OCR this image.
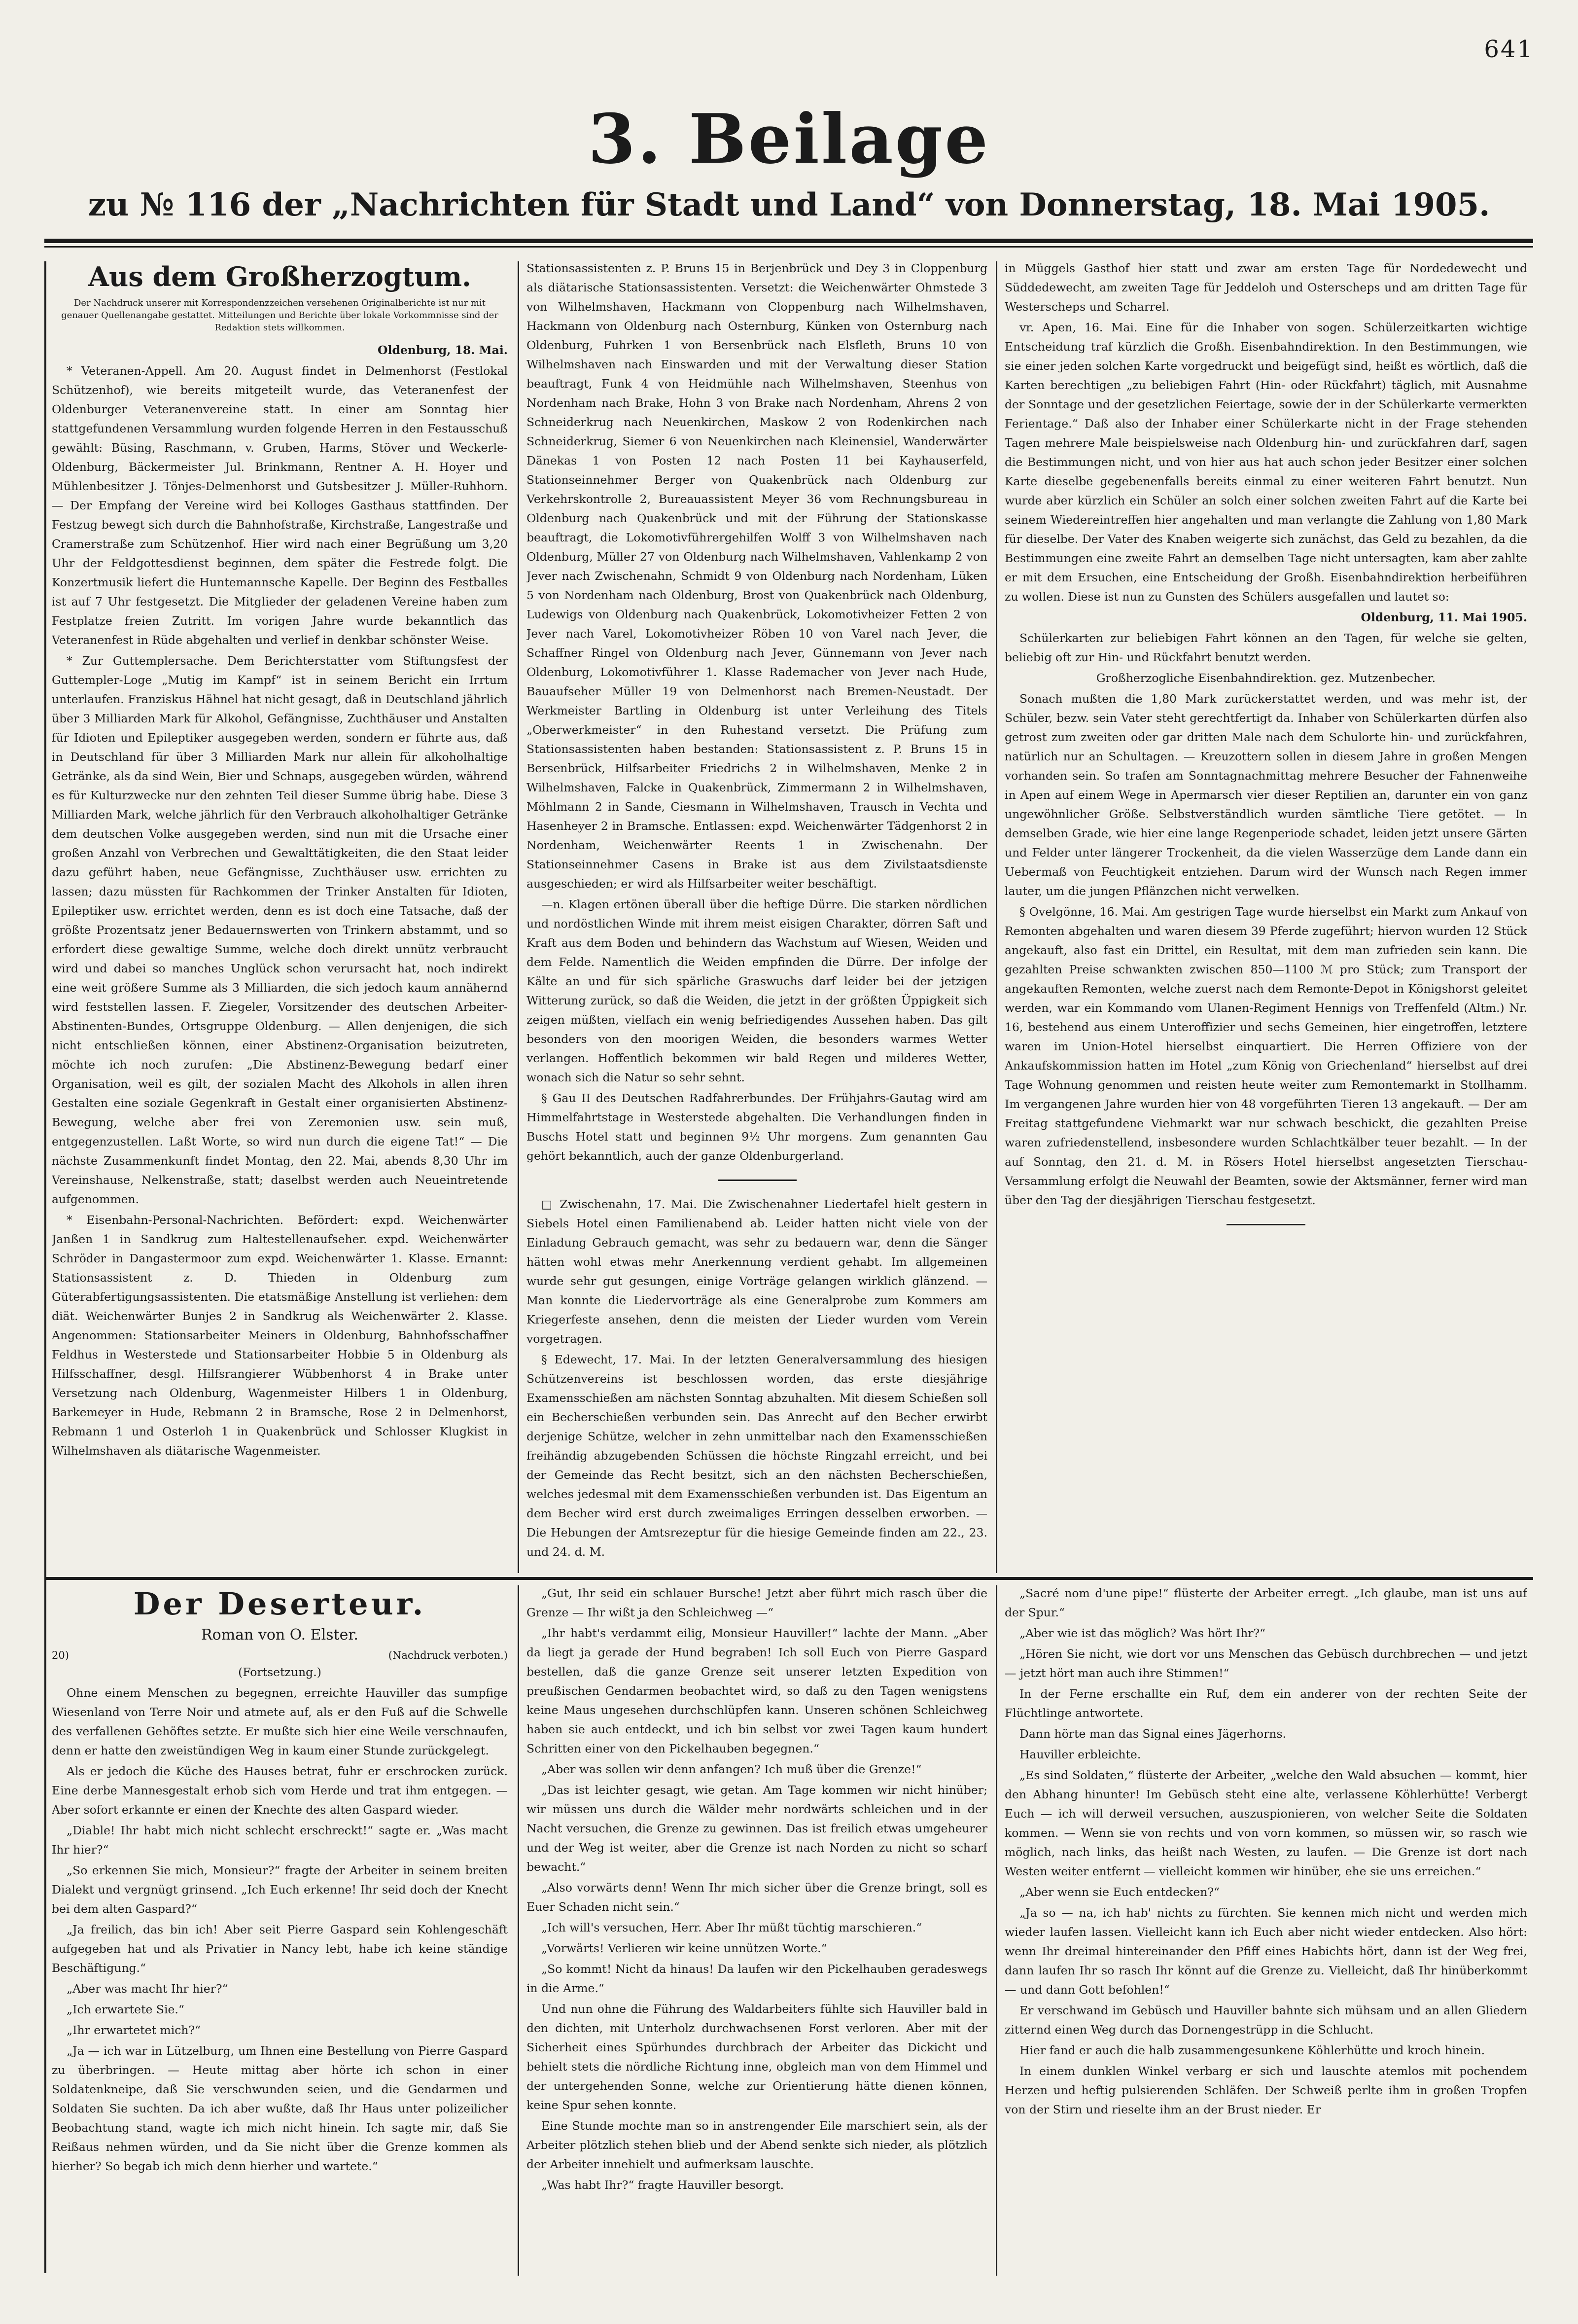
641
3. Beilage
zu № 116 der „Nachrichten für Stadt und Land“ von Donnerstag, 18. Mai 1905.
Aus dem Großherzogtum.
Der Nachdruck unserer mit Korrespondenzzeichen versehenen Originalberichte ist nur mit genauer Quellenangabe gestattet. Mitteilungen und Berichte über lokale Vorkommnisse sind der Redaktion stets willkommen.

Oldenburg, 18. Mai.

* Veteranen-Appell. Am 20. August findet in Delmenhorst (Festlokal Schützenhof), wie bereits mitgeteilt wurde, das Veteranenfest der Oldenburger Veteranenvereine statt. In einer am Sonntag hier stattgefundenen Versammlung wurden folgende Herren in den Festausschuß gewählt: Büsing, Raschmann, v. Gruben, Harms, Stöver und Weckerle-Oldenburg, Bäckermeister Jul. Brinkmann, Rentner A. H. Hoyer und Mühlenbesitzer J. Tönjes-Delmenhorst und Gutsbesitzer J. Müller-Ruhhorn. — Der Empfang der Vereine wird bei Kolloges Gasthaus stattfinden. Der Festzug bewegt sich durch die Bahnhofstraße, Kirchstraße, Langestraße und Cramerstraße zum Schützenhof. Hier wird nach einer Begrüßung um 3,20 Uhr der Feldgottesdienst beginnen, dem später die Festrede folgt. Die Konzertmusik liefert die Huntemannsche Kapelle. Der Beginn des Festballes ist auf 7 Uhr festgesetzt. Die Mitglieder der geladenen Vereine haben zum Festplatze freien Zutritt. Im vorigen Jahre wurde bekanntlich das Veteranenfest in Rüde abgehalten und verlief in denkbar schönster Weise.

* Zur Guttemplersache. Dem Berichterstatter vom Stiftungsfest der Guttempler-Loge „Mutig im Kampf“ ist in seinem Bericht ein Irrtum unterlaufen. Franziskus Hähnel hat nicht gesagt, daß in Deutschland jährlich über 3 Milliarden Mark für Alkohol, Gefängnisse, Zuchthäuser und Anstalten für Idioten und Epileptiker ausgegeben werden, sondern er führte aus, daß in Deutschland für über 3 Milliarden Mark nur allein für alkoholhaltige Getränke, als da sind Wein, Bier und Schnaps, ausgegeben würden, während es für Kulturzwecke nur den zehnten Teil dieser Summe übrig habe. Diese 3 Milliarden Mark, welche jährlich für den Verbrauch alkoholhaltiger Getränke dem deutschen Volke ausgegeben werden, sind nun mit die Ursache einer großen Anzahl von Verbrechen und Gewalttätigkeiten, die den Staat leider dazu geführt haben, neue Gefängnisse, Zuchthäuser usw. errichten zu lassen; dazu müssten für Rachkommen der Trinker Anstalten für Idioten, Epileptiker usw. errichtet werden, denn es ist doch eine Tatsache, daß der größte Prozentsatz jener Bedauernswerten von Trinkern abstammt, und so erfordert diese gewaltige Summe, welche doch direkt unnütz verbraucht wird und dabei so manches Unglück schon verursacht hat, noch indirekt eine weit größere Summe als 3 Milliarden, die sich jedoch kaum annähernd wird feststellen lassen. F. Ziegeler, Vorsitzender des deutschen Arbeiter-Abstinenten-Bundes, Ortsgruppe Oldenburg. — Allen denjenigen, die sich nicht entschließen können, einer Abstinenz-Organisation beizutreten, möchte ich noch zurufen: „Die Abstinenz-Bewegung bedarf einer Organisation, weil es gilt, der sozialen Macht des Alkohols in allen ihren Gestalten eine soziale Gegenkraft in Gestalt einer organisierten Abstinenz-Bewegung, welche aber frei von Zeremonien usw. sein muß, entgegenzustellen. Laßt Worte, so wird nun durch die eigene Tat!“ — Die nächste Zusammenkunft findet Montag, den 22. Mai, abends 8,30 Uhr im Vereinshause, Nelkenstraße, statt; daselbst werden auch Neueintretende aufgenommen.

* Eisenbahn-Personal-Nachrichten. Befördert: expd. Weichenwärter Janßen 1 in Sandkrug zum Haltestellenaufseher. expd. Weichenwärter Schröder in Dangastermoor zum expd. Weichenwärter 1. Klasse. Ernannt: Stationsassistent z. D. Thieden in Oldenburg zum Güterabfertigungsassistenten. Die etatsmäßige Anstellung ist verliehen: dem diät. Weichenwärter Bunjes 2 in Sandkrug als Weichenwärter 2. Klasse. Angenommen: Stationsarbeiter Meiners in Oldenburg, Bahnhofsschaffner Feldhus in Westerstede und Stationsarbeiter Hobbie 5 in Oldenburg als Hilfsschaffner, desgl. Hilfsrangierer Wübbenhorst 4 in Brake unter Versetzung nach Oldenburg, Wagenmeister Hilbers 1 in Oldenburg, Barkemeyer in Hude, Rebmann 2 in Bramsche, Rose 2 in Delmenhorst, Rebmann 1 und Osterloh 1 in Quakenbrück und Schlosser Klugkist in Wilhelmshaven als diätarische Wagenmeister.

Stationsassistenten z. P. Bruns 15 in Berjenbrück und Dey 3 in Cloppenburg als diätarische Stationsassistenten. Versetzt: die Weichenwärter Ohmstede 3 von Wilhelmshaven, Hackmann von Cloppenburg nach Wilhelmshaven, Hackmann von Oldenburg nach Osternburg, Künken von Osternburg nach Oldenburg, Fuhrken 1 von Bersenbrück nach Elsfleth, Bruns 10 von Wilhelmshaven nach Einswarden und mit der Verwaltung dieser Station beauftragt, Funk 4 von Heidmühle nach Wilhelmshaven, Steenhus von Nordenham nach Brake, Hohn 3 von Brake nach Nordenham, Ahrens 2 von Schneiderkrug nach Neuenkirchen, Maskow 2 von Rodenkirchen nach Schneiderkrug, Siemer 6 von Neuenkirchen nach Kleinensiel, Wanderwärter Dänekas 1 von Posten 12 nach Posten 11 bei Kayhauserfeld, Stationseinnehmer Berger von Quakenbrück nach Oldenburg zur Verkehrskontrolle 2, Bureauassistent Meyer 36 vom Rechnungsbureau in Oldenburg nach Quakenbrück und mit der Führung der Stationskasse beauftragt, die Lokomotivführergehilfen Wolff 3 von Wilhelmshaven nach Oldenburg, Müller 27 von Oldenburg nach Wilhelmshaven, Vahlenkamp 2 von Jever nach Zwischenahn, Schmidt 9 von Oldenburg nach Nordenham, Lüken 5 von Nordenham nach Oldenburg, Brost von Quakenbrück nach Oldenburg, Ludewigs von Oldenburg nach Quakenbrück, Lokomotivheizer Fetten 2 von Jever nach Varel, Lokomotivheizer Röben 10 von Varel nach Jever, die Schaffner Ringel von Oldenburg nach Jever, Günnemann von Jever nach Oldenburg, Lokomotivführer 1. Klasse Rademacher von Jever nach Hude, Bauaufseher Müller 19 von Delmenhorst nach Bremen-Neustadt. Der Werkmeister Bartling in Oldenburg ist unter Verleihung des Titels „Oberwerkmeister“ in den Ruhestand versetzt. Die Prüfung zum Stationsassistenten haben bestanden: Stationsassistent z. P. Bruns 15 in Bersenbrück, Hilfsarbeiter Friedrichs 2 in Wilhelmshaven, Menke 2 in Wilhelmshaven, Falcke in Quakenbrück, Zimmermann 2 in Wilhelmshaven, Möhlmann 2 in Sande, Ciesmann in Wilhelmshaven, Trausch in Vechta und Hasenheyer 2 in Bramsche. Entlassen: expd. Weichenwärter Tädgenhorst 2 in Nordenham, Weichenwärter Reents 1 in Zwischenahn. Der Stationseinnehmer Casens in Brake ist aus dem Zivilstaatsdienste ausgeschieden; er wird als Hilfsarbeiter weiter beschäftigt.

—n. Klagen ertönen überall über die heftige Dürre. Die starken nördlichen und nordöstlichen Winde mit ihrem meist eisigen Charakter, dörren Saft und Kraft aus dem Boden und behindern das Wachstum auf Wiesen, Weiden und dem Felde. Namentlich die Weiden empfinden die Dürre. Der infolge der Kälte an und für sich spärliche Graswuchs darf leider bei der jetzigen Witterung zurück, so daß die Weiden, die jetzt in der größten Üppigkeit sich zeigen müßten, vielfach ein wenig befriedigendes Aussehen haben. Das gilt besonders von den moorigen Weiden, die besonders warmes Wetter verlangen. Hoffentlich bekommen wir bald Regen und milderes Wetter, wonach sich die Natur so sehr sehnt.

§ Gau II des Deutschen Radfahrerbundes. Der Frühjahrs-Gautag wird am Himmelfahrtstage in Westerstede abgehalten. Die Verhandlungen finden in Buschs Hotel statt und beginnen 9½ Uhr morgens. Zum genannten Gau gehört bekanntlich, auch der ganze Oldenburgerland.

□ Zwischenahn, 17. Mai. Die Zwischenahner Liedertafel hielt gestern in Siebels Hotel einen Familienabend ab. Leider hatten nicht viele von der Einladung Gebrauch gemacht, was sehr zu bedauern war, denn die Sänger hätten wohl etwas mehr Anerkennung verdient gehabt. Im allgemeinen wurde sehr gut gesungen, einige Vorträge gelangen wirklich glänzend. — Man konnte die Liedervorträge als eine Generalprobe zum Kommers am Kriegerfeste ansehen, denn die meisten der Lieder wurden vom Verein vorgetragen.

§ Edewecht, 17. Mai. In der letzten Generalversammlung des hiesigen Schützenvereins ist beschlossen worden, das erste diesjährige Examensschießen am nächsten Sonntag abzuhalten. Mit diesem Schießen soll ein Becherschießen verbunden sein. Das Anrecht auf den Becher erwirbt derjenige Schütze, welcher in zehn unmittelbar nach den Examensschießen freihändig abzugebenden Schüssen die höchste Ringzahl erreicht, und bei der Gemeinde das Recht besitzt, sich an den nächsten Becherschießen, welches jedesmal mit dem Examensschießen verbunden ist. Das Eigentum an dem Becher wird erst durch zweimaliges Erringen desselben erworben. — Die Hebungen der Amtsrezeptur für die hiesige Gemeinde finden am 22., 23. und 24. d. M.

in Müggels Gasthof hier statt und zwar am ersten Tage für Nordedewecht und Süddedewecht, am zweiten Tage für Jeddeloh und Osterscheps und am dritten Tage für Westerscheps und Scharrel.

vr. Apen, 16. Mai. Eine für die Inhaber von sogen. Schülerzeitkarten wichtige Entscheidung traf kürzlich die Großh. Eisenbahndirektion. In den Bestimmungen, wie sie einer jeden solchen Karte vorgedruckt und beigefügt sind, heißt es wörtlich, daß die Karten berechtigen „zu beliebigen Fahrt (Hin- oder Rückfahrt) täglich, mit Ausnahme der Sonntage und der gesetzlichen Feiertage, sowie der in der Schülerkarte vermerkten Ferientage.“ Daß also der Inhaber einer Schülerkarte nicht in der Frage stehenden Tagen mehrere Male beispielsweise nach Oldenburg hin- und zurückfahren darf, sagen die Bestimmungen nicht, und von hier aus hat auch schon jeder Besitzer einer solchen Karte dieselbe gegebenenfalls bereits einmal zu einer weiteren Fahrt benutzt. Nun wurde aber kürzlich ein Schüler an solch einer solchen zweiten Fahrt auf die Karte bei seinem Wiedereintreffen hier angehalten und man verlangte die Zahlung von 1,80 Mark für dieselbe. Der Vater des Knaben weigerte sich zunächst, das Geld zu bezahlen, da die Bestimmungen eine zweite Fahrt an demselben Tage nicht untersagten, kam aber zahlte er mit dem Ersuchen, eine Entscheidung der Großh. Eisenbahndirektion herbeiführen zu wollen. Diese ist nun zu Gunsten des Schülers ausgefallen und lautet so:

Oldenburg, 11. Mai 1905.

Schülerkarten zur beliebigen Fahrt können an den Tagen, für welche sie gelten, beliebig oft zur Hin- und Rückfahrt benutzt werden.

Großherzogliche Eisenbahndirektion. gez. Mutzenbecher.

Sonach mußten die 1,80 Mark zurückerstattet werden, und was mehr ist, der Schüler, bezw. sein Vater steht gerechtfertigt da. Inhaber von Schülerkarten dürfen also getrost zum zweiten oder gar dritten Male nach dem Schulorte hin- und zurückfahren, natürlich nur an Schultagen. — Kreuzottern sollen in diesem Jahre in großen Mengen vorhanden sein. So trafen am Sonntagnachmittag mehrere Besucher der Fahnenweihe in Apen auf einem Wege in Apermarsch vier dieser Reptilien an, darunter ein von ganz ungewöhnlicher Größe. Selbstverständlich wurden sämtliche Tiere getötet. — In demselben Grade, wie hier eine lange Regenperiode schadet, leiden jetzt unsere Gärten und Felder unter längerer Trockenheit, da die vielen Wasserzüge dem Lande dann ein Uebermaß von Feuchtigkeit entziehen. Darum wird der Wunsch nach Regen immer lauter, um die jungen Pflänzchen nicht verwelken.

§ Ovelgönne, 16. Mai. Am gestrigen Tage wurde hierselbst ein Markt zum Ankauf von Remonten abgehalten und waren diesem 39 Pferde zugeführt; hiervon wurden 12 Stück angekauft, also fast ein Drittel, ein Resultat, mit dem man zufrieden sein kann. Die gezahlten Preise schwankten zwischen 850—1100 ℳ pro Stück; zum Transport der angekauften Remonten, welche zuerst nach dem Remonte-Depot in Königshorst geleitet werden, war ein Kommando vom Ulanen-Regiment Hennigs von Treffenfeld (Altm.) Nr. 16, bestehend aus einem Unteroffizier und sechs Gemeinen, hier eingetroffen, letztere waren im Union-Hotel hierselbst einquartiert. Die Herren Offiziere von der Ankaufskommission hatten im Hotel „zum König von Griechenland“ hierselbst auf drei Tage Wohnung genommen und reisten heute weiter zum Remontemarkt in Stollhamm. Im vergangenen Jahre wurden hier von 48 vorgeführten Tieren 13 angekauft. — Der am Freitag stattgefundene Viehmarkt war nur schwach beschickt, die gezahlten Preise waren zufriedenstellend, insbesondere wurden Schlachtkälber teuer bezahlt. — In der auf Sonntag, den 21. d. M. in Rösers Hotel hierselbst angesetzten Tierschau-Versammlung erfolgt die Neuwahl der Beamten, sowie der Aktsmänner, ferner wird man über den Tag der diesjährigen Tierschau festgesetzt.

Der Deserteur.
Roman von O. Elster.
20)	(Nachdruck verboten.)

(Fortsetzung.)

Ohne einem Menschen zu begegnen, erreichte Hauviller das sumpfige Wiesenland von Terre Noir und atmete auf, als er den Fuß auf die Schwelle des verfallenen Gehöftes setzte. Er mußte sich hier eine Weile verschnaufen, denn er hatte den zweistündigen Weg in kaum einer Stunde zurückgelegt.

Als er jedoch die Küche des Hauses betrat, fuhr er erschrocken zurück. Eine derbe Mannesgestalt erhob sich vom Herde und trat ihm entgegen. — Aber sofort erkannte er einen der Knechte des alten Gaspard wieder.

„Diable! Ihr habt mich nicht schlecht erschreckt!“ sagte er. „Was macht Ihr hier?“

„So erkennen Sie mich, Monsieur?“ fragte der Arbeiter in seinem breiten Dialekt und vergnügt grinsend. „Ich Euch erkenne! Ihr seid doch der Knecht bei dem alten Gaspard?“

„Ja freilich, das bin ich! Aber seit Pierre Gaspard sein Kohlengeschäft aufgegeben hat und als Privatier in Nancy lebt, habe ich keine ständige Beschäftigung.“

„Aber was macht Ihr hier?“

„Ich erwartete Sie.“

„Ihr erwartetet mich?“

„Ja — ich war in Lützelburg, um Ihnen eine Bestellung von Pierre Gaspard zu überbringen. — Heute mittag aber hörte ich schon in einer Soldatenkneipe, daß Sie verschwunden seien, und die Gendarmen und Soldaten Sie suchten. Da ich aber wußte, daß Ihr Haus unter polizeilicher Beobachtung stand, wagte ich mich nicht hinein. Ich sagte mir, daß Sie Reißaus nehmen würden, und da Sie nicht über die Grenze kommen als hierher? So begab ich mich denn hierher und wartete.“

„Gut, Ihr seid ein schlauer Bursche! Jetzt aber führt mich rasch über die Grenze — Ihr wißt ja den Schleichweg —“

„Ihr habt's verdammt eilig, Monsieur Hauviller!“ lachte der Mann. „Aber da liegt ja gerade der Hund begraben! Ich soll Euch von Pierre Gaspard bestellen, daß die ganze Grenze seit unserer letzten Expedition von preußischen Gendarmen beobachtet wird, so daß zu den Tagen wenigstens keine Maus ungesehen durchschlüpfen kann. Unseren schönen Schleichweg haben sie auch entdeckt, und ich bin selbst vor zwei Tagen kaum hundert Schritten einer von den Pickelhauben begegnen.“

„Aber was sollen wir denn anfangen? Ich muß über die Grenze!“

„Das ist leichter gesagt, wie getan. Am Tage kommen wir nicht hinüber; wir müssen uns durch die Wälder mehr nordwärts schleichen und in der Nacht versuchen, die Grenze zu gewinnen. Das ist freilich etwas umgeheurer und der Weg ist weiter, aber die Grenze ist nach Norden zu nicht so scharf bewacht.“

„Also vorwärts denn! Wenn Ihr mich sicher über die Grenze bringt, soll es Euer Schaden nicht sein.“

„Ich will's versuchen, Herr. Aber Ihr müßt tüchtig marschieren.“

„Vorwärts! Verlieren wir keine unnützen Worte.“

„So kommt! Nicht da hinaus! Da laufen wir den Pickelhauben geradeswegs in die Arme.“

Und nun ohne die Führung des Waldarbeiters fühlte sich Hauviller bald in den dichten, mit Unterholz durchwachsenen Forst verloren. Aber mit der Sicherheit eines Spürhundes durchbrach der Arbeiter das Dickicht und behielt stets die nördliche Richtung inne, obgleich man von dem Himmel und der untergehenden Sonne, welche zur Orientierung hätte dienen können, keine Spur sehen konnte.

Eine Stunde mochte man so in anstrengender Eile marschiert sein, als der Arbeiter plötzlich stehen blieb und der Abend senkte sich nieder, als plötzlich der Arbeiter innehielt und aufmerksam lauschte.

„Was habt Ihr?“ fragte Hauviller besorgt.

„Sacré nom d'une pipe!“ flüsterte der Arbeiter erregt. „Ich glaube, man ist uns auf der Spur.“

„Aber wie ist das möglich? Was hört Ihr?“

„Hören Sie nicht, wie dort vor uns Menschen das Gebüsch durchbrechen — und jetzt — jetzt hört man auch ihre Stimmen!“

In der Ferne erschallte ein Ruf, dem ein anderer von der rechten Seite der Flüchtlinge antwortete.

Dann hörte man das Signal eines Jägerhorns.

Hauviller erbleichte.

„Es sind Soldaten,“ flüsterte der Arbeiter, „welche den Wald absuchen — kommt, hier den Abhang hinunter! Im Gebüsch steht eine alte, verlassene Köhlerhütte! Verbergt Euch — ich will derweil versuchen, auszuspionieren, von welcher Seite die Soldaten kommen. — Wenn sie von rechts und von vorn kommen, so müssen wir, so rasch wie möglich, nach links, das heißt nach Westen, zu laufen. — Die Grenze ist dort nach Westen weiter entfernt — vielleicht kommen wir hinüber, ehe sie uns erreichen.“

„Aber wenn sie Euch entdecken?“

„Ja so — na, ich hab' nichts zu fürchten. Sie kennen mich nicht und werden mich wieder laufen lassen. Vielleicht kann ich Euch aber nicht wieder entdecken. Also hört: wenn Ihr dreimal hintereinander den Pfiff eines Habichts hört, dann ist der Weg frei, dann laufen Ihr so rasch Ihr könnt auf die Grenze zu. Vielleicht, daß Ihr hinüberkommt — und dann Gott befohlen!“

Er verschwand im Gebüsch und Hauviller bahnte sich mühsam und an allen Gliedern zitternd einen Weg durch das Dornengestrüpp in die Schlucht.

Hier fand er auch die halb zusammengesunkene Köhlerhütte und kroch hinein.

In einem dunklen Winkel verbarg er sich und lauschte atemlos mit pochendem Herzen und heftig pulsierenden Schläfen. Der Schweiß perlte ihm in großen Tropfen von der Stirn und rieselte ihm an der Brust nieder. Er
